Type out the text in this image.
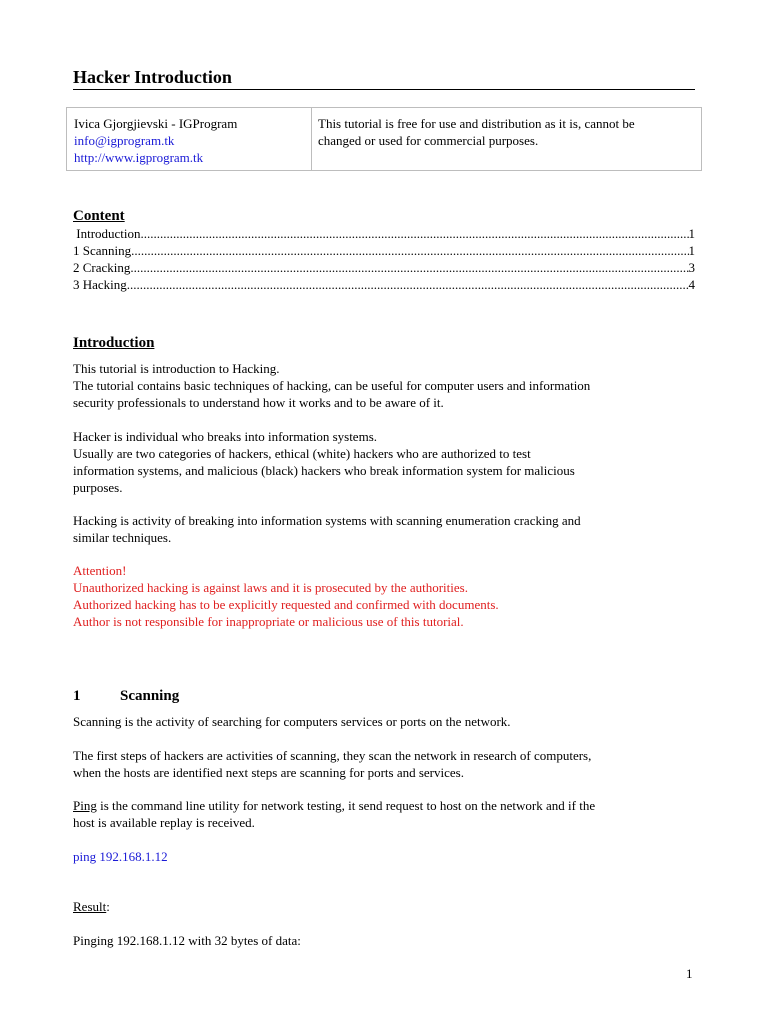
Hacker Introduction
Ivica Gjorgjievski - IGProgram
info@igprogram.tk
http://www.igprogram.tk
This tutorial is free for use and distribution as it is, cannot be
changed or used for commercial purposes.
Content
Introduction .....	1
1 Scanning .....	1
2 Cracking .....	3
3 Hacking .....	4
Introduction
This tutorial is introduction to Hacking.
The tutorial contains basic techniques of hacking, can be useful for computer users and information
security professionals to understand how it works and to be aware of it.
Hacker is individual who breaks into information systems.
Usually are two categories of hackers, ethical (white) hackers who are authorized to test
information systems, and malicious (black) hackers who break information system for malicious
purposes.
Hacking is activity of breaking into information systems with scanning enumeration cracking and
similar techniques.
Attention!
Unauthorized hacking is against laws and it is prosecuted by the authorities.
Authorized hacking has to be explicitly requested and confirmed with documents.
Author is not responsible for inappropriate or malicious use of this tutorial.
1	Scanning
Scanning is the activity of searching for computers services or ports on the network.
The first steps of hackers are activities of scanning, they scan the network in research of computers,
when the hosts are identified next steps are scanning for ports and services.
Ping is the command line utility for network testing, it send request to host on the network and if the
host is available replay is received.
ping 192.168.1.12
Result:
Pinging 192.168.1.12 with 32 bytes of data:
1
